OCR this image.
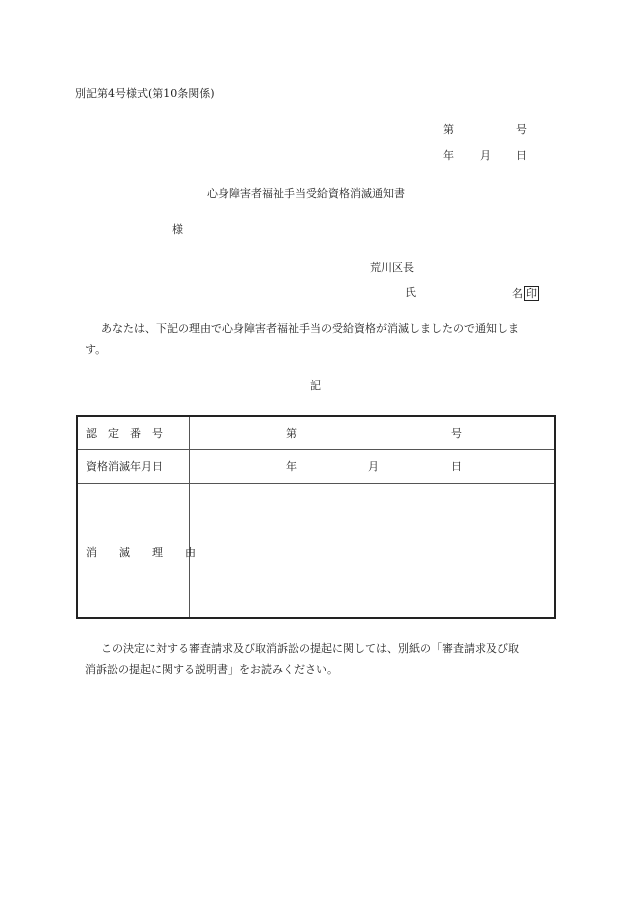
別記第4号様式(第10条関係)
第	号
年 月 日
心身障害者福祉手当受給資格消滅通知書
様
荒川区長
氏	名 印
あなたは、下記の理由で心身障害者福祉手当の受給資格が消滅しましたので通知しま
す。
記
認　定　番　号	第	号
資格消滅年月日	年	月	日
消　　滅　　理　　由
この決定に対する審査請求及び取消訴訟の提起に関しては、別紙の「審査請求及び取
消訴訟の提起に関する説明書」をお読みください。
